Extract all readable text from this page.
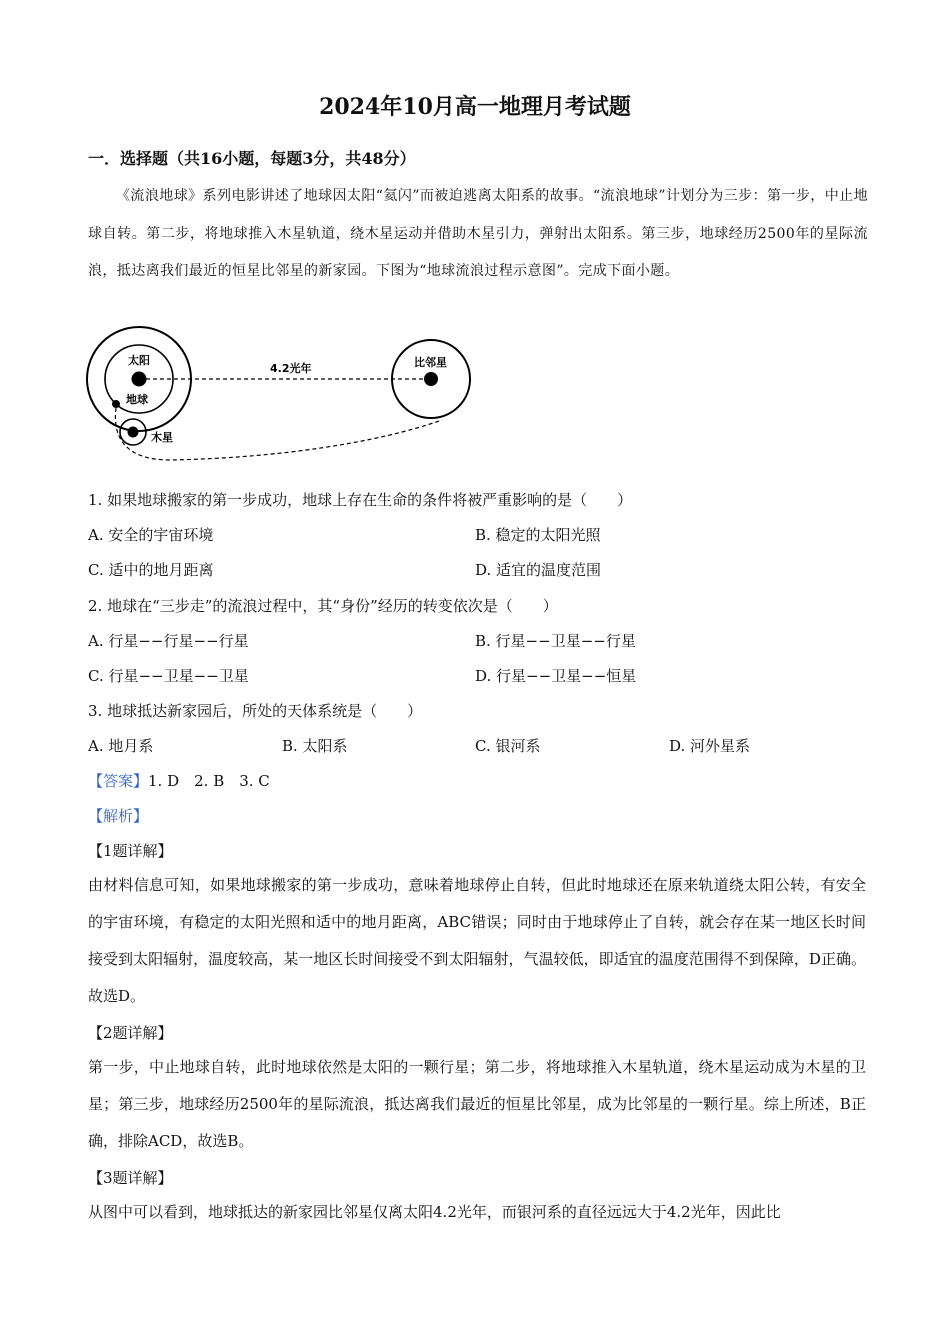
2024年10月高一地理月考试题
一．选择题（共16小题，每题3分，共48分）

《流浪地球》系列电影讲述了地球因太阳“氦闪”而被迫逃离太阳系的故事。“流浪地球”计划分为三步：第一步，中止地球自转。第二步，将地球推入木星轨道，绕木星运动并借助木星引力，弹射出太阳系。第三步，地球经历2500年的星际流浪，抵达离我们最近的恒星比邻星的新家园。下图为“地球流浪过程示意图”。完成下面小题。

太阳
地球
木星
比邻星
4.2光年
1. 如果地球搬家的第一步成功，地球上存在生命的条件将被严重影响的是（　　）
A. 安全的宇宙环境	B. 稳定的太阳光照
C. 适中的地月距离	D. 适宜的温度范围
2. 地球在“三步走”的流浪过程中，其“身份”经历的转变依次是（　　）
A. 行星−−行星−−行星	B. 行星−−卫星−−行星
C. 行星−−卫星−−卫星	D. 行星−−卫星−−恒星
3. 地球抵达新家园后，所处的天体系统是（　　）
A. 地月系	B. 太阳系	C. 银河系	D. 河外星系
【答案】1. D　2. B　3. C
【解析】
【1题详解】

由材料信息可知，如果地球搬家的第一步成功，意味着地球停止自转，但此时地球还在原来轨道绕太阳公转，有安全的宇宙环境，有稳定的太阳光照和适中的地月距离，ABC错误；同时由于地球停止了自转，就会存在某一地区长时间接受到太阳辐射，温度较高，某一地区长时间接受不到太阳辐射，气温较低，即适宜的温度范围得不到保障，D正确。故选D。

【2题详解】

第一步，中止地球自转，此时地球依然是太阳的一颗行星；第二步，将地球推入木星轨道，绕木星运动成为木星的卫星；第三步，地球经历2500年的星际流浪，抵达离我们最近的恒星比邻星，成为比邻星的一颗行星。综上所述，B正确，排除ACD，故选B。

【3题详解】

从图中可以看到，地球抵达的新家园比邻星仅离太阳4.2光年，而银河系的直径远远大于4.2光年，因此比
